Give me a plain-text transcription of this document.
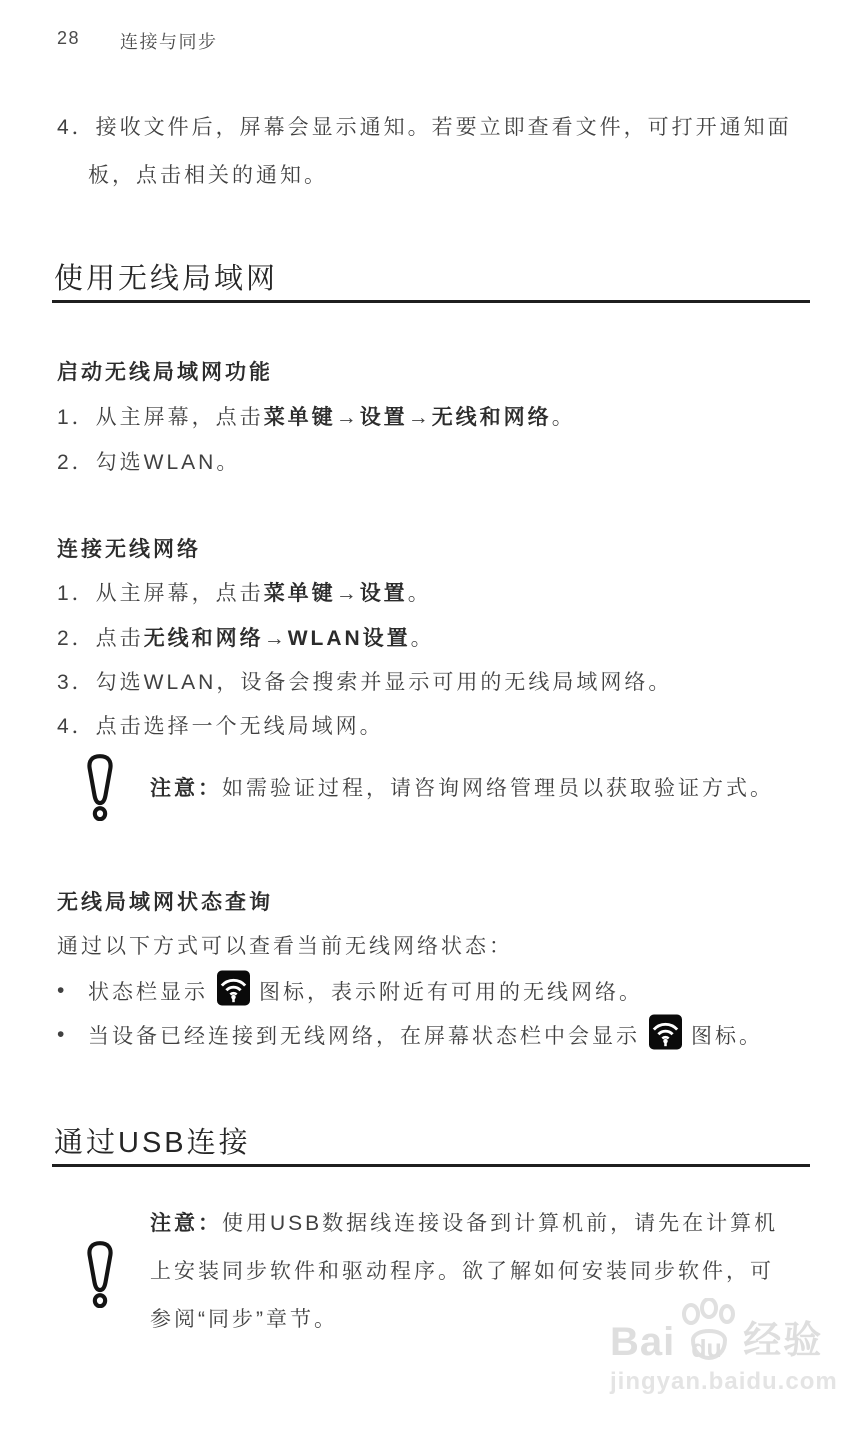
28 连接与同步
4．接收文件后，屏幕会显示通知。若要立即查看文件，可打开通知面
板，点击相关的通知。
使用无线局域网
启动无线局域网功能
1．从主屏幕，点击菜单键→设置→无线和网络。
2．勾选WLAN。
连接无线网络
1．从主屏幕，点击菜单键→设置。
2．点击无线和网络→WLAN设置。
3．勾选WLAN，设备会搜索并显示可用的无线局域网络。
4．点击选择一个无线局域网。
注意：如需验证过程，请咨询网络管理员以获取验证方式。
无线局域网状态查询
通过以下方式可以查看当前无线网络状态：
•	状态栏显示 图标，表示附近有可用的无线网络。
•	当设备已经连接到无线网络，在屏幕状态栏中会显示 图标。
通过USB连接
注意：使用USB数据线连接设备到计算机前，请先在计算机
上安装同步软件和驱动程序。欲了解如何安装同步软件，可
参阅“同步”章节。
Bai du 经验
jingyan.baidu.com
